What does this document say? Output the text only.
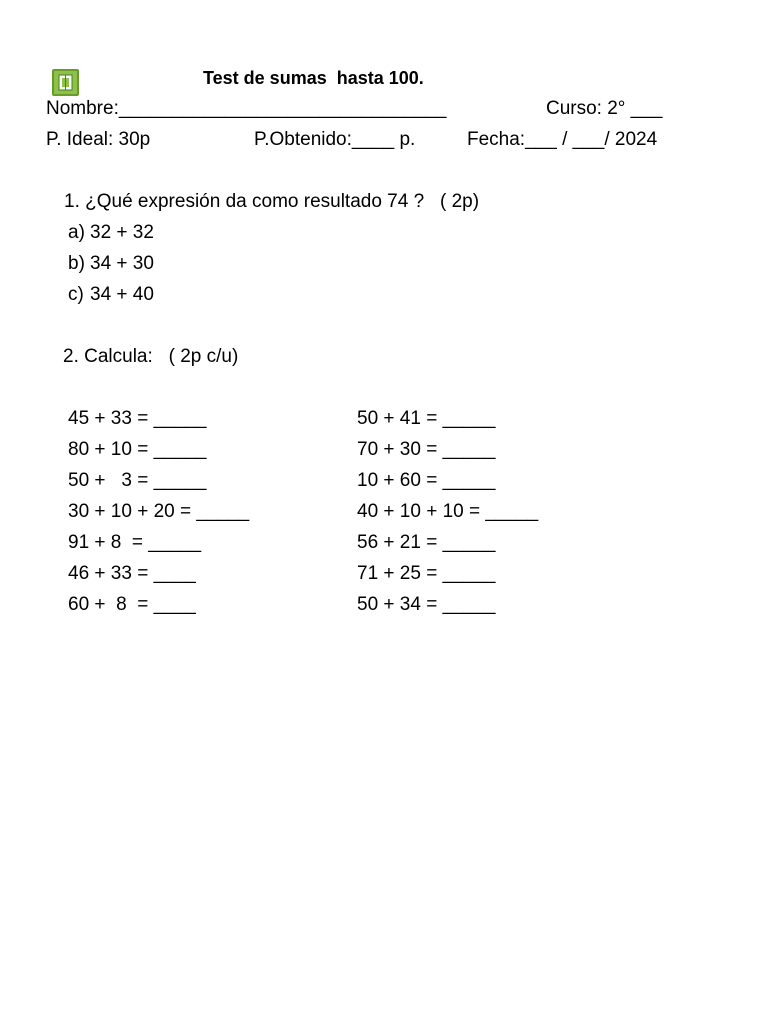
Test de sumas  hasta 100.
Nombre:_______________________________	Curso: 2° ___
P. Ideal: 30p	P.Obtenido:____ p.	Fecha:___ / ___/ 2024
1. ¿Qué expresión da como resultado 74 ?   ( 2p)
a) 32 + 32
b) 34 + 30
c) 34 + 40
2. Calcula:   ( 2p c/u)
45 + 33 = _____
80 + 10 = _____
50 +   3 = _____
30 + 10 + 20 = _____
91 + 8  = _____
46 + 33 = ____
60 +  8  = ____
50 + 41 = _____
70 + 30 = _____
10 + 60 = _____
40 + 10 + 10 = _____
56 + 21 = _____
71 + 25 = _____
50 + 34 = _____
